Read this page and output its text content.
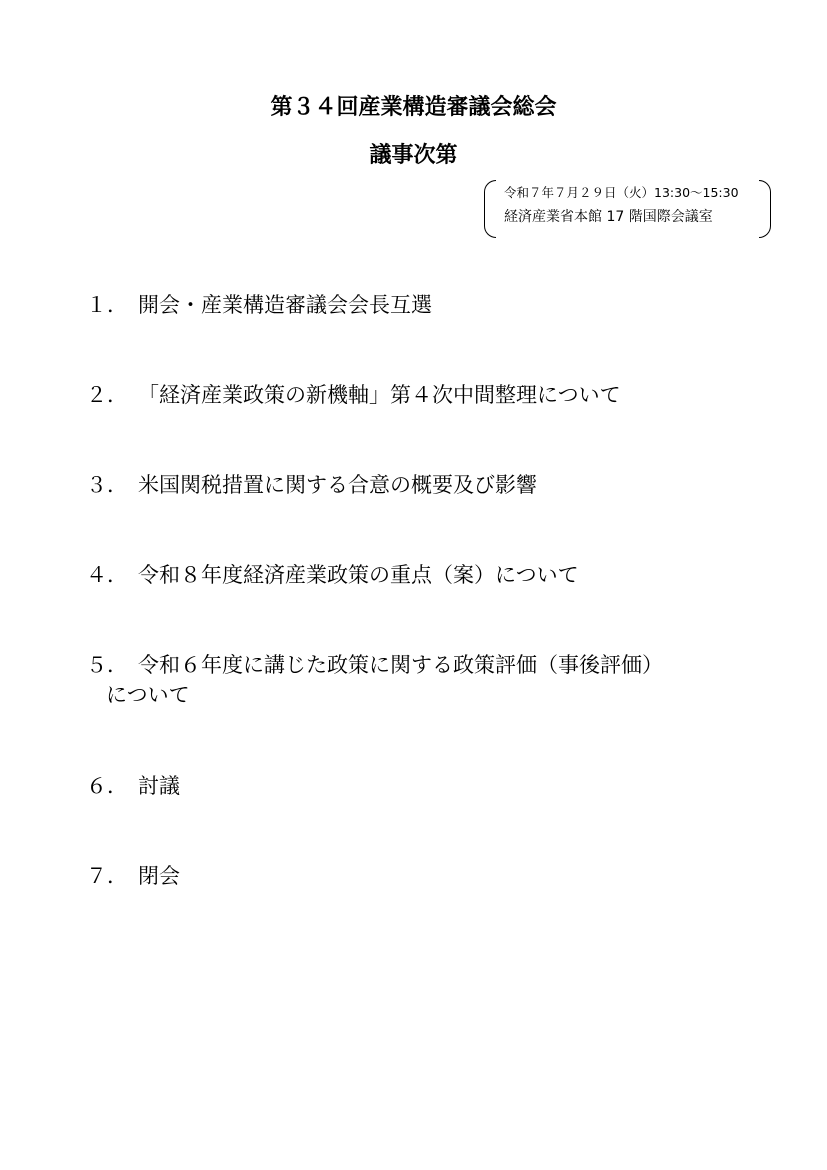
第３４回産業構造審議会総会
議事次第
令和７年７月２９日（火）13:30～15:30
経済産業省本館 17 階国際会議室
１． 開会・産業構造審議会会長互選
２． 「経済産業政策の新機軸」第４次中間整理について
３． 米国関税措置に関する合意の概要及び影響
４． 令和８年度経済産業政策の重点（案）について
５． 令和６年度に講じた政策に関する政策評価（事後評価）
について
６． 討議
７． 閉会
